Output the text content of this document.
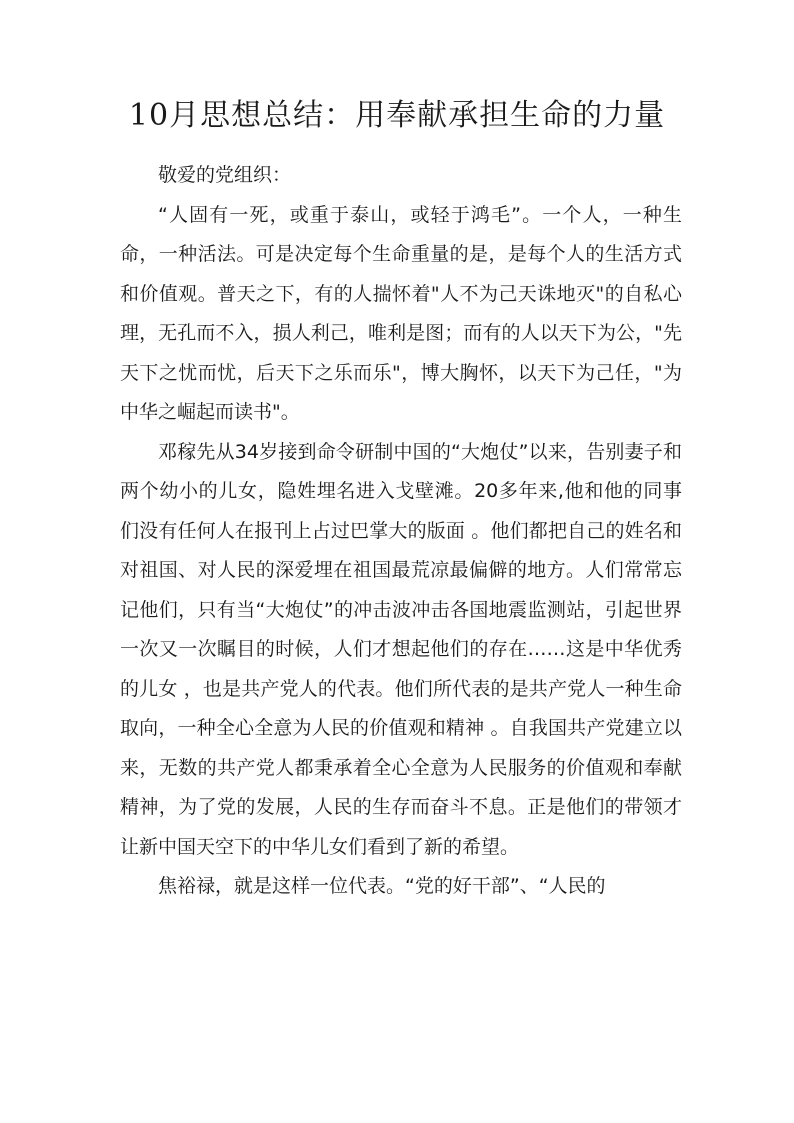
10月思想总结：用奉献承担生命的力量

敬爱的党组织：

“人固有一死，或重于泰山，或轻于鸿毛”。一个人，一种生命，一种活法。可是决定每个生命重量的是，是每个人的生活方式和价值观。普天之下，有的人揣怀着"人不为己天诛地灭"的自私心理，无孔而不入，损人利己，唯利是图；而有的人以天下为公，"先天下之忧而忧，后天下之乐而乐"，博大胸怀，以天下为己任，"为中华之崛起而读书"。

邓稼先从34岁接到命令研制中国的“大炮仗”以来，告别妻子和两个幼小的儿女，隐姓埋名进入戈壁滩。20多年来,他和他的同事们没有任何人在报刊上占过巴掌大的版面 。他们都把自己的姓名和对祖国、对人民的深爱埋在祖国最荒凉最偏僻的地方。人们常常忘记他们，只有当“大炮仗”的冲击波冲击各国地震监测站，引起世界一次又一次瞩目的时候，人们才想起他们的存在……这是中华优秀的儿女 ，也是共产党人的代表。他们所代表的是共产党人一种生命取向，一种全心全意为人民的价值观和精神 。自我国共产党建立以来，无数的共产党人都秉承着全心全意为人民服务的价值观和奉献精神，为了党的发展，人民的生存而奋斗不息。正是他们的带领才让新中国天空下的中华儿女们看到了新的希望。

焦裕禄，就是这样一位代表。“党的好干部”、“人民的
